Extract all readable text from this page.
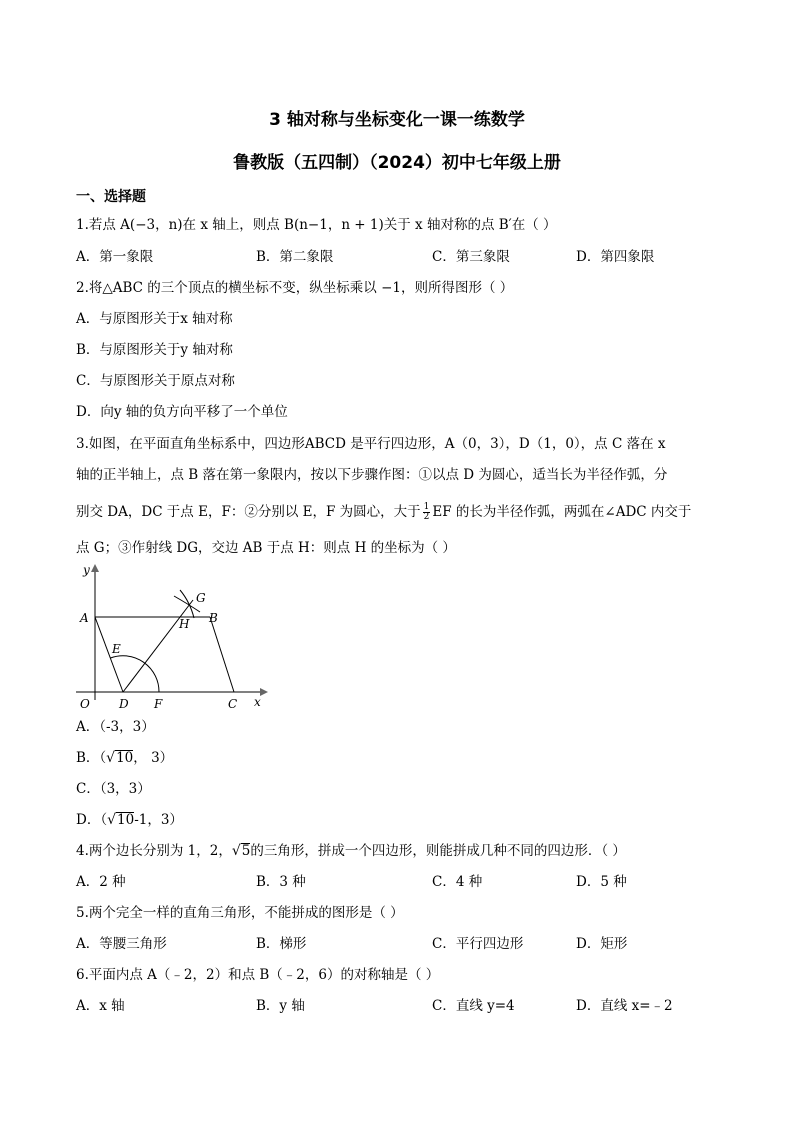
3 轴对称与坐标变化一课一练数学
鲁教版（五四制）（2024）初中七年级上册
一、选择题
1.若点 A(−3，n)在 x 轴上，则点 B(n−1，n + 1)关于 x 轴对称的点 B′在（ ）
A．第一象限	B．第二象限	C．第三象限	D．第四象限
2.将△ABC 的三个顶点的横坐标不变，纵坐标乘以 −1，则所得图形（ ）
A．与原图形关于x 轴对称
B．与原图形关于y 轴对称
C．与原图形关于原点对称
D．向y 轴的负方向平移了一个单位
3.如图，在平面直角坐标系中，四边形ABCD 是平行四边形，A（0，3），D（1，0），点 C 落在 x
轴的正半轴上，点 B 落在第一象限内，按以下步骤作图：①以点 D 为圆心，适当长为半径作弧，分
别交 DA，DC 于点 E，F：②分别以 E，F 为圆心，大于 $\frac{1}{2}$ EF 的长为半径作弧，两弧在∠ADC 内交于
点 G；③作射线 DG，交边 AB 于点 H：则点 H 的坐标为（ ）
y
x
O
A	B
C
D
E
F
G
H
A．（-3，3）
B．（√10， 3）
C．（3，3）
D．（√10-1，3）
4.两个边长分别为 1，2，√5的三角形，拼成一个四边形，则能拼成几种不同的四边形．（ ）
A．2 种	B．3 种	C．4 种	D．5 种
5.两个完全一样的直角三角形，不能拼成的图形是（ ）
A．等腰三角形	B．梯形	C．平行四边形	D．矩形
6.平面内点 A（﹣2，2）和点 B（﹣2，6）的对称轴是（ ）
A．x 轴	B．y 轴	C．直线 y=4	D．直线 x=﹣2
